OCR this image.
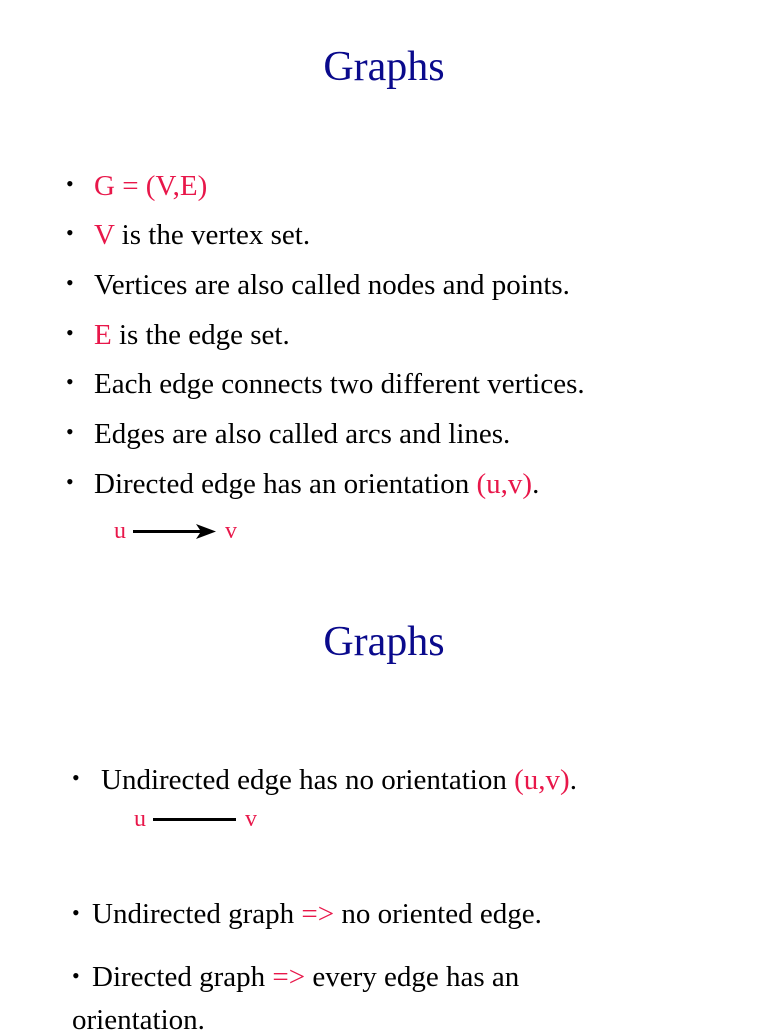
Graphs
• G = (V,E)
• V is the vertex set.
• Vertices are also called nodes and points.
• E is the edge set.
• Each edge connects two different vertices.
• Edges are also called arcs and lines.
• Directed edge has an orientation (u,v).
u	v
Graphs
• Undirected edge has no orientation (u,v).
u	v
• Undirected graph => no oriented edge.
• Directed graph => every edge has an
orientation.
